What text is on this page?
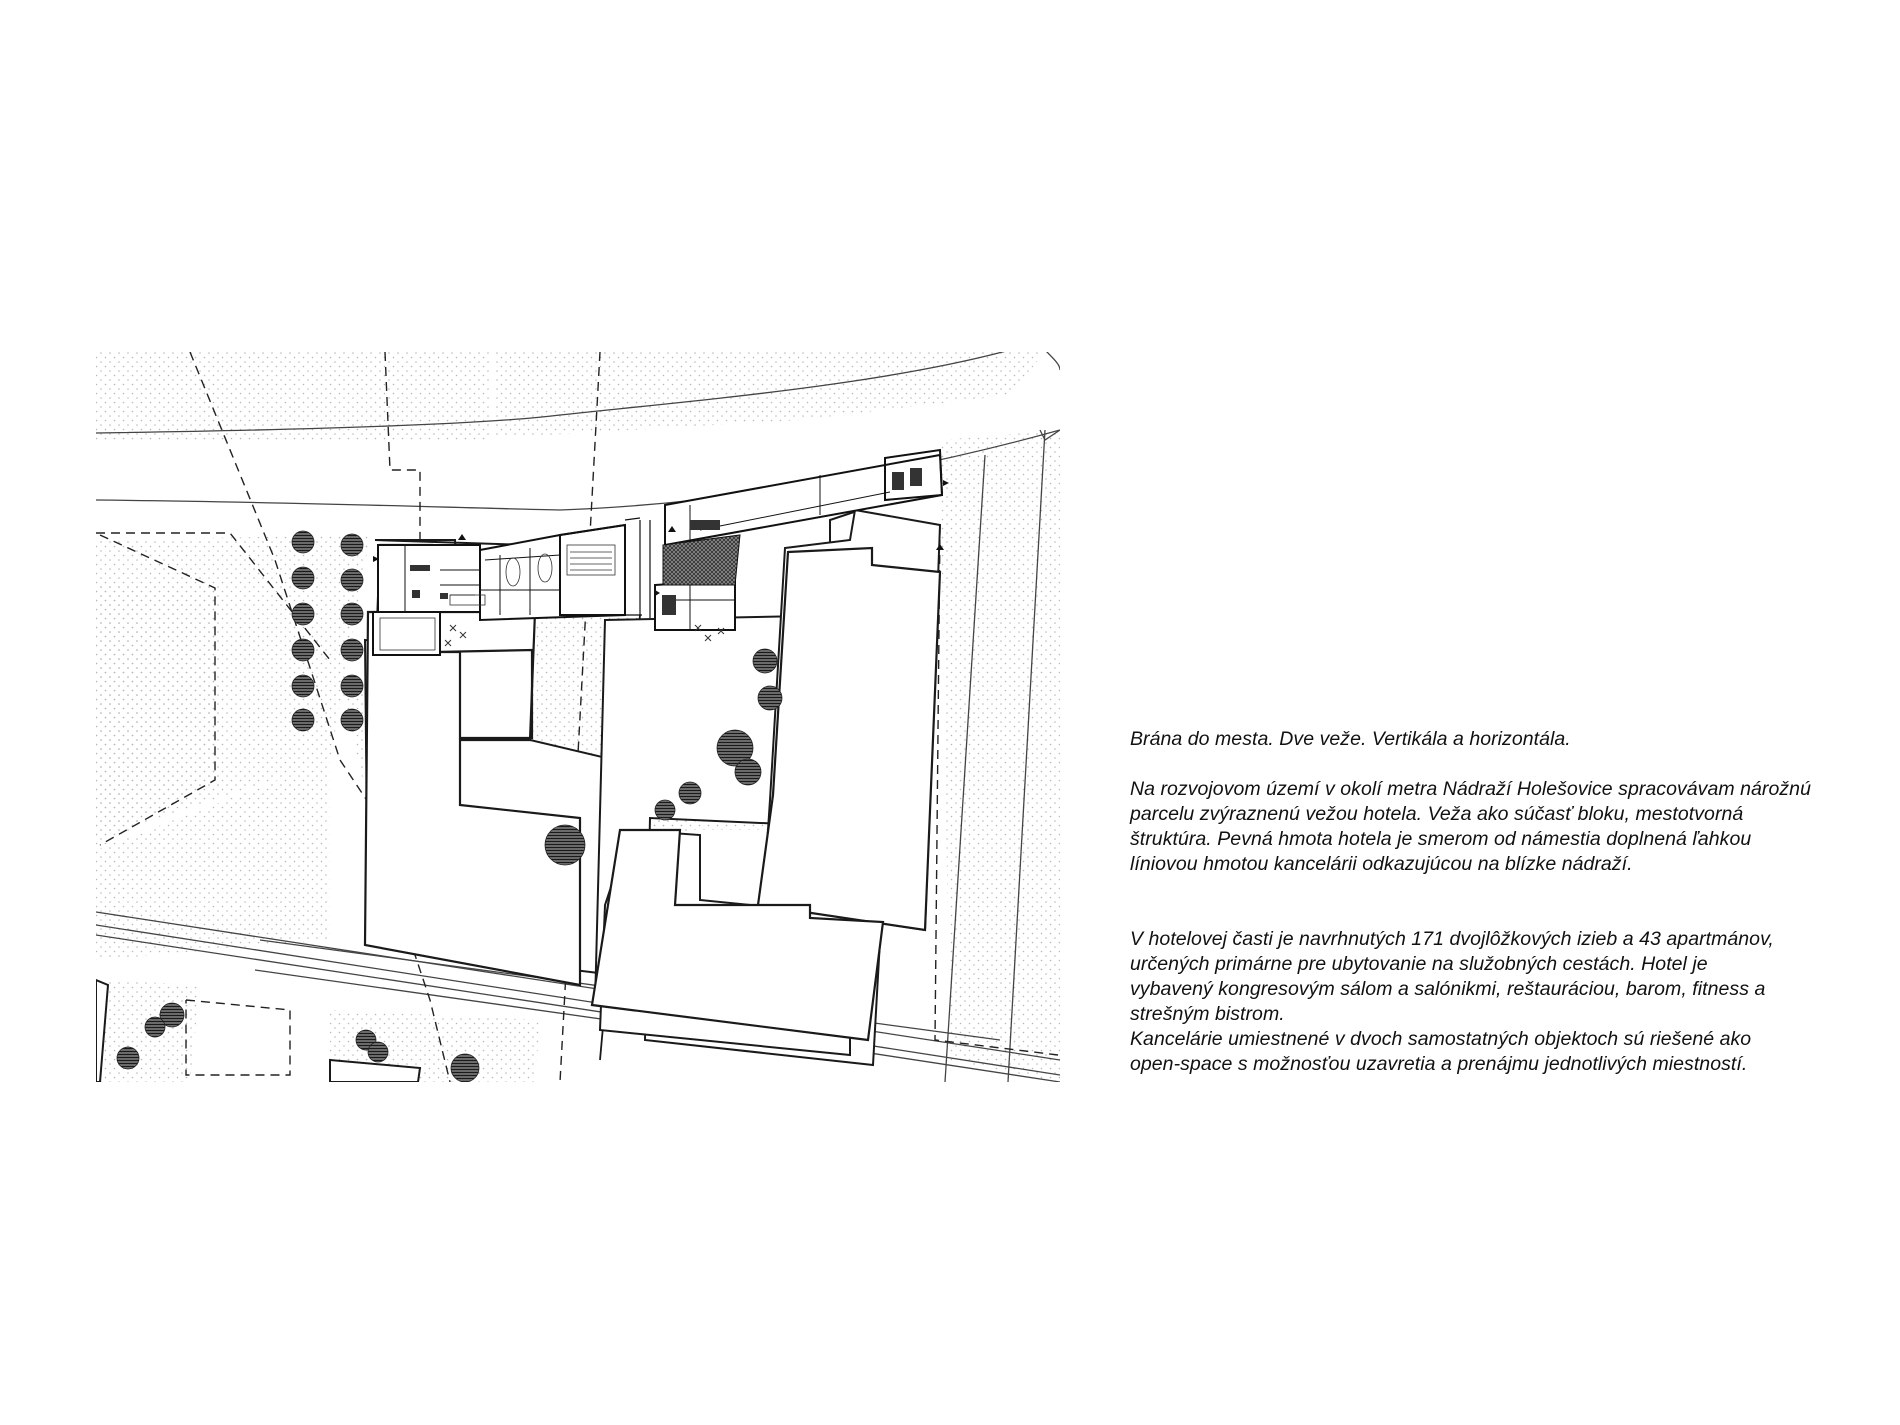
Brána do mesta. Dve veže. Vertikála a horizontála.

Na rozvojovom území v okolí metra Nádraží Holešovice spracovávam nárožnú

parcelu zvýraznenú vežou hotela. Veža ako súčasť bloku, mestotvorná

štruktúra. Pevná hmota hotela je smerom od námestia doplnená ľahkou

líniovou hmotou kancelárii odkazujúcou na blízke nádraží.

V hotelovej časti je navrhnutých 171 dvojlôžkových izieb a 43 apartmánov,

určených primárne pre ubytovanie na služobných cestách. Hotel je

vybavený kongresovým sálom a salónikmi, reštauráciou, barom, fitness a

strešným bistrom.

Kancelárie umiestnené v dvoch samostatných objektoch sú riešené ako

open-space s možnosťou uzavretia a prenájmu jednotlivých miestností.
